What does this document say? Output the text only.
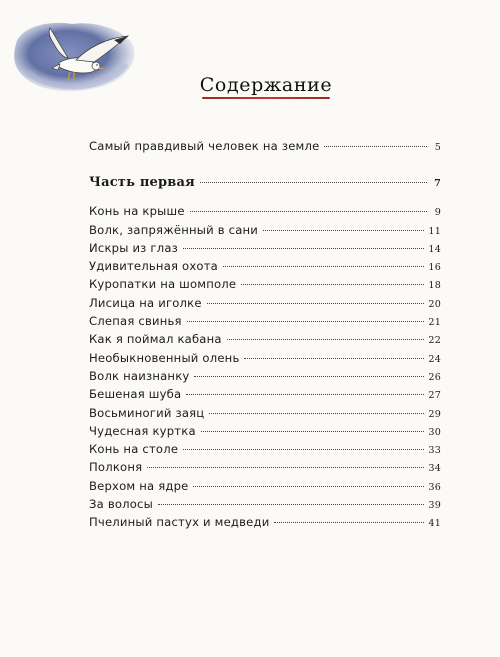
Содержание
Самый правдивый человек на земле	5
Часть первая	7
Конь на крыше	9
Волк, запряжённый в сани	11
Искры из глаз	14
Удивительная охота	16
Куропатки на шомполе	18
Лисица на иголке	20
Слепая свинья	21
Как я поймал кабана	22
Необыкновенный олень	24
Волк наизнанку	26
Бешеная шуба	27
Восьминогий заяц	29
Чудесная куртка	30
Конь на столе	33
Полконя	34
Верхом на ядре	36
За волосы	39
Пчелиный пастух и медведи	41
